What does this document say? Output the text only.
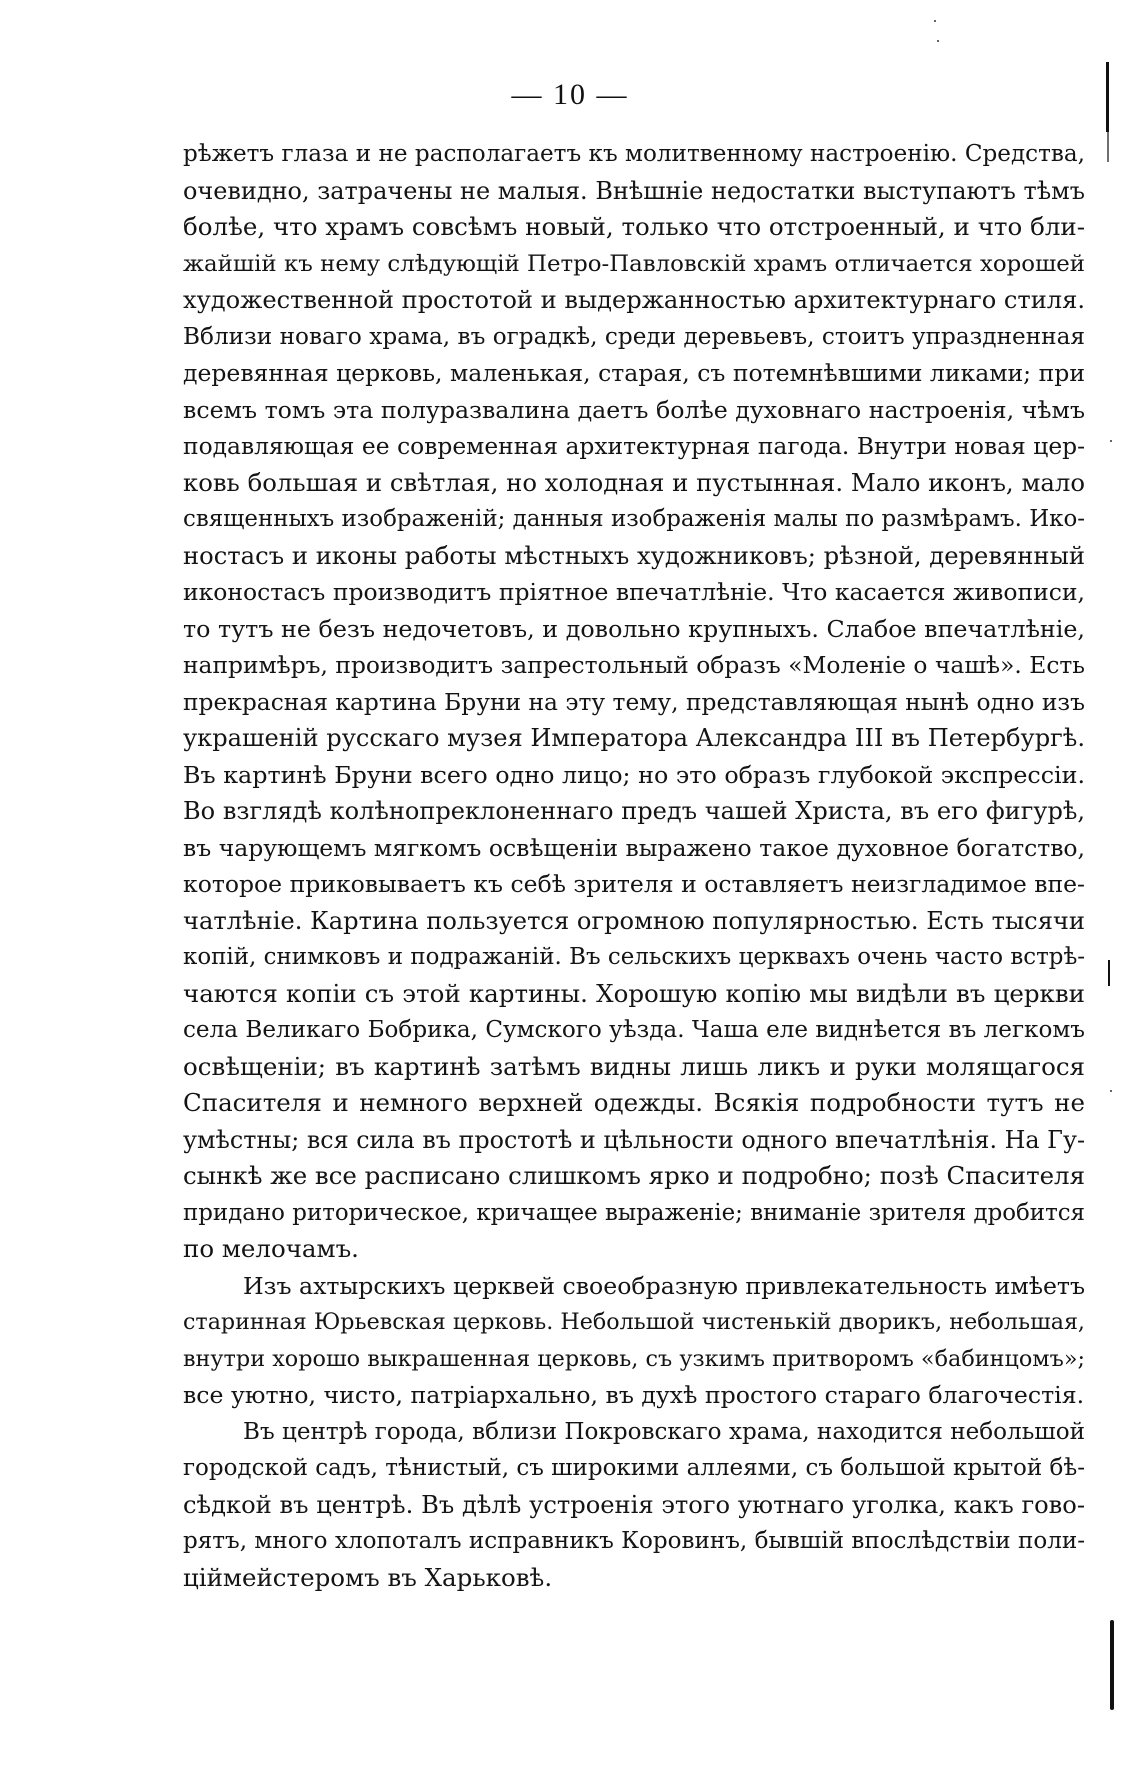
— 10 —
рѣжетъ глаза и не располагаетъ къ молитвенному настроенію. Средства,
очевидно, затрачены не малыя. Внѣшніе недостатки выступаютъ тѣмъ
болѣе, что храмъ совсѣмъ новый, только что отстроенный, и что бли-
жайшій къ нему слѣдующій Петро-Павловскій храмъ отличается хорошей
художественной простотой и выдержанностью архитектурнаго стиля.
Вблизи новаго храма, въ оградкѣ, среди деревьевъ, стоитъ упраздненная
деревянная церковь, маленькая, старая, съ потемнѣвшими ликами; при
всемъ томъ эта полуразвалина даетъ болѣе духовнаго настроенія, чѣмъ
подавляющая ее современная архитектурная пагода. Внутри новая цер-
ковь большая и свѣтлая, но холодная и пустынная. Мало иконъ, мало
священныхъ изображеній; данныя изображенія малы по размѣрамъ. Ико-
ностасъ и иконы работы мѣстныхъ художниковъ; рѣзной, деревянный
иконостасъ производитъ пріятное впечатлѣніе. Что касается живописи,
то тутъ не безъ недочетовъ, и довольно крупныхъ. Слабое впечатлѣніе,
напримѣръ, производитъ запрестольный образъ «Моленіе о чашѣ». Есть
прекрасная картина Бруни на эту тему, представляющая нынѣ одно изъ
украшеній русскаго музея Императора Александра III въ Петербургѣ.
Въ картинѣ Бруни всего одно лицо; но это образъ глубокой экспрессіи.
Во взглядѣ колѣнопреклоненнаго предъ чашей Христа, въ его фигурѣ,
въ чарующемъ мягкомъ освѣщеніи выражено такое духовное богатство,
которое приковываетъ къ себѣ зрителя и оставляетъ неизгладимое впе-
чатлѣніе. Картина пользуется огромною популярностью. Есть тысячи
копій, снимковъ и подражаній. Въ сельскихъ церквахъ очень часто встрѣ-
чаются копіи съ этой картины. Хорошую копію мы видѣли въ церкви
села Великаго Бобрика, Сумского уѣзда. Чаша еле виднѣется въ легкомъ
освѣщеніи; въ картинѣ затѣмъ видны лишь ликъ и руки молящагося
Спасителя и немного верхней одежды. Всякія подробности тутъ не
умѣстны; вся сила въ простотѣ и цѣльности одного впечатлѣнія. На Гу-
сынкѣ же все расписано слишкомъ ярко и подробно; позѣ Спасителя
придано риторическое, кричащее выраженіе; вниманіе зрителя дробится
по мелочамъ.
Изъ ахтырскихъ церквей своеобразную привлекательность имѣетъ
старинная Юрьевская церковь. Небольшой чистенькій дворикъ, небольшая,
внутри хорошо выкрашенная церковь, съ узкимъ притворомъ «бабинцомъ»;
все уютно, чисто, патріархально, въ духѣ простого стараго благочестія.
Въ центрѣ города, вблизи Покровскаго храма, находится небольшой
городской садъ, тѣнистый, съ широкими аллеями, съ большой крытой бѣ-
сѣдкой въ центрѣ. Въ дѣлѣ устроенія этого уютнаго уголка, какъ гово-
рятъ, много хлопоталъ исправникъ Коровинъ, бывшій впослѣдствіи поли-
ціймейстеромъ въ Харьковѣ.
